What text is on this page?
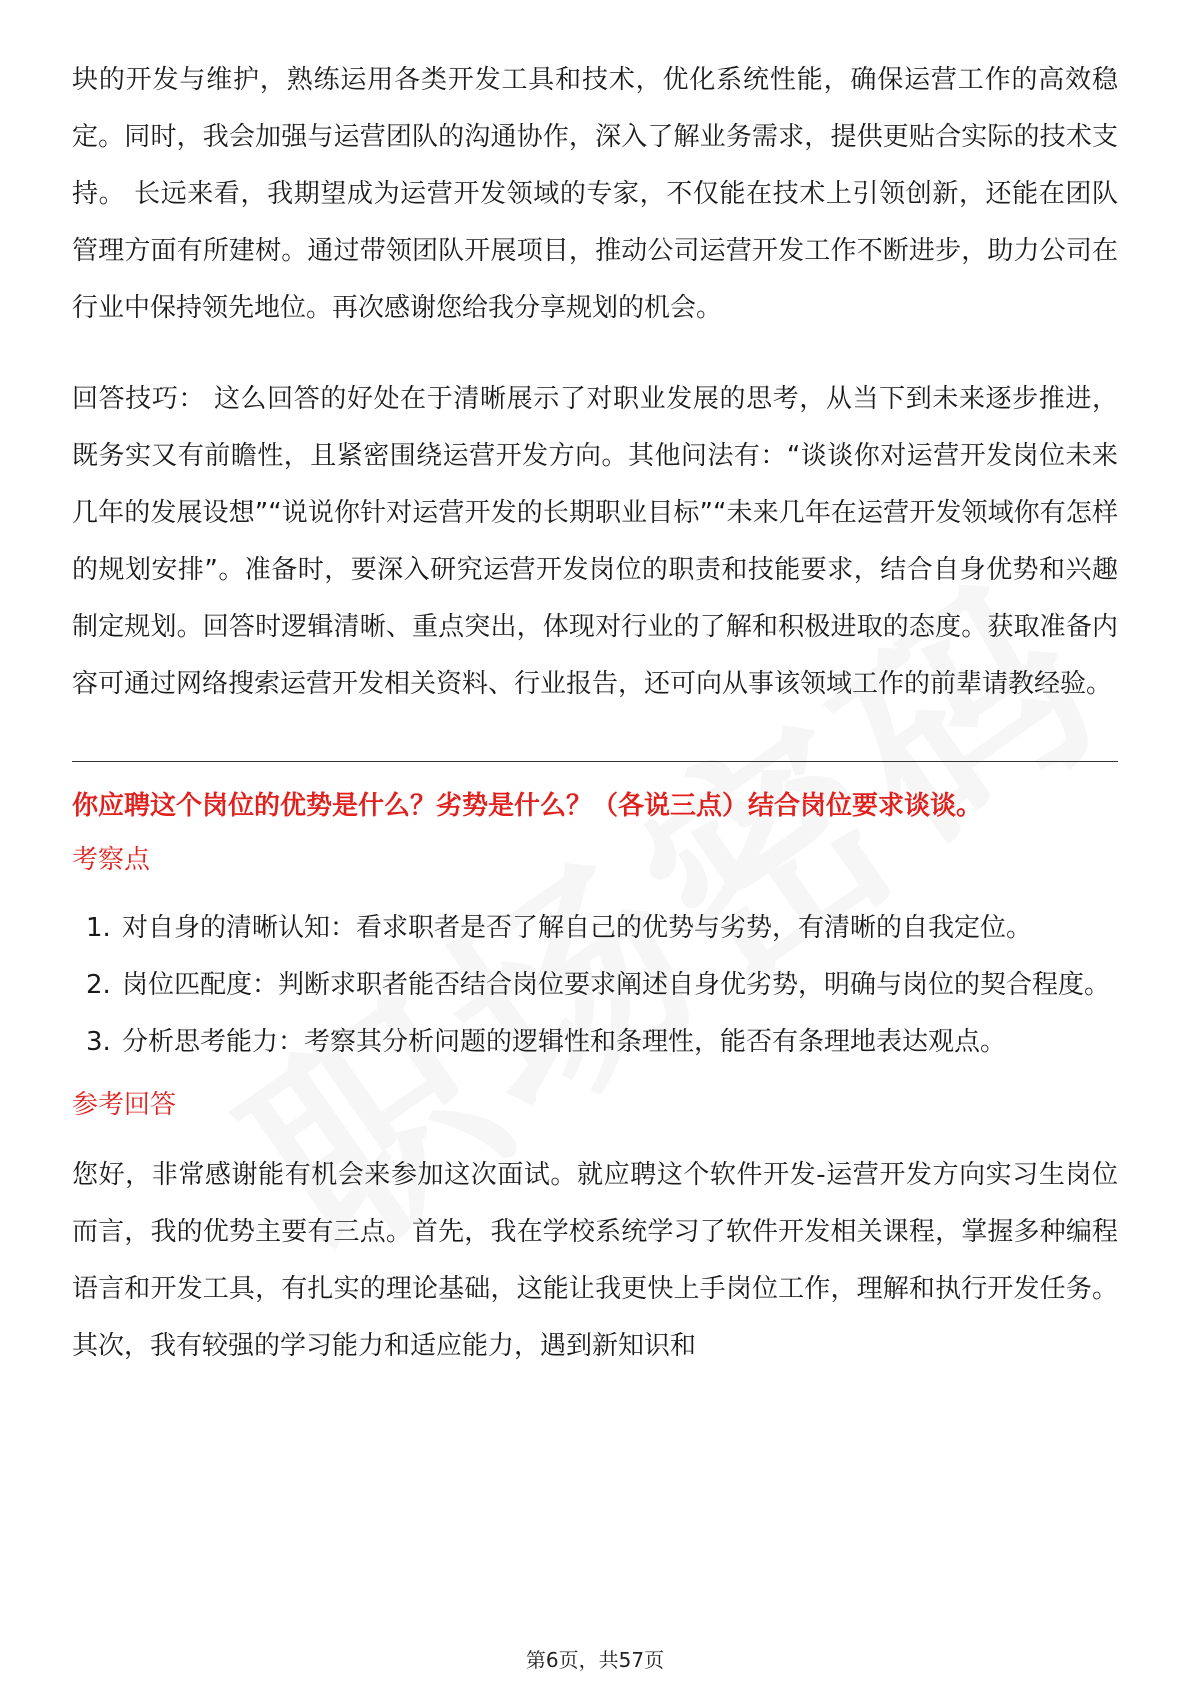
块的开发与维护，熟练运用各类开发工具和技术，优化系统性能，确保运营工作的高效稳定。同时，我会加强与运营团队的沟通协作，深入了解业务需求，提供更贴合实际的技术支持。 长远来看，我期望成为运营开发领域的专家，不仅能在技术上引领创新，还能在团队管理方面有所建树。通过带领团队开展项目，推动公司运营开发工作不断进步，助力公司在行业中保持领先地位。再次感谢您给我分享规划的机会。

回答技巧： 这么回答的好处在于清晰展示了对职业发展的思考，从当下到未来逐步推进，既务实又有前瞻性，且紧密围绕运营开发方向。其他问法有：“谈谈你对运营开发岗位未来几年的发展设想”“说说你针对运营开发的长期职业目标”“未来几年在运营开发领域你有怎样的规划安排”。准备时，要深入研究运营开发岗位的职责和技能要求，结合自身优势和兴趣制定规划。回答时逻辑清晰、重点突出，体现对行业的了解和积极进取的态度。获取准备内容可通过网络搜索运营开发相关资料、行业报告，还可向从事该领域工作的前辈请教经验。

你应聘这个岗位的优势是什么？劣势是什么？（各说三点）结合岗位要求谈谈。

考察点

1. 对自身的清晰认知：看求职者是否了解自己的优势与劣势，有清晰的自我定位。
2. 岗位匹配度：判断求职者能否结合岗位要求阐述自身优劣势，明确与岗位的契合程度。
3. 分析思考能力：考察其分析问题的逻辑性和条理性，能否有条理地表达观点。

参考回答

您好，非常感谢能有机会来参加这次面试。就应聘这个软件开发-运营开发方向实习生岗位而言，我的优势主要有三点。首先，我在学校系统学习了软件开发相关课程，掌握多种编程语言和开发工具，有扎实的理论基础，这能让我更快上手岗位工作，理解和执行开发任务。其次，我有较强的学习能力和适应能力，遇到新知识和

第6页，共57页
